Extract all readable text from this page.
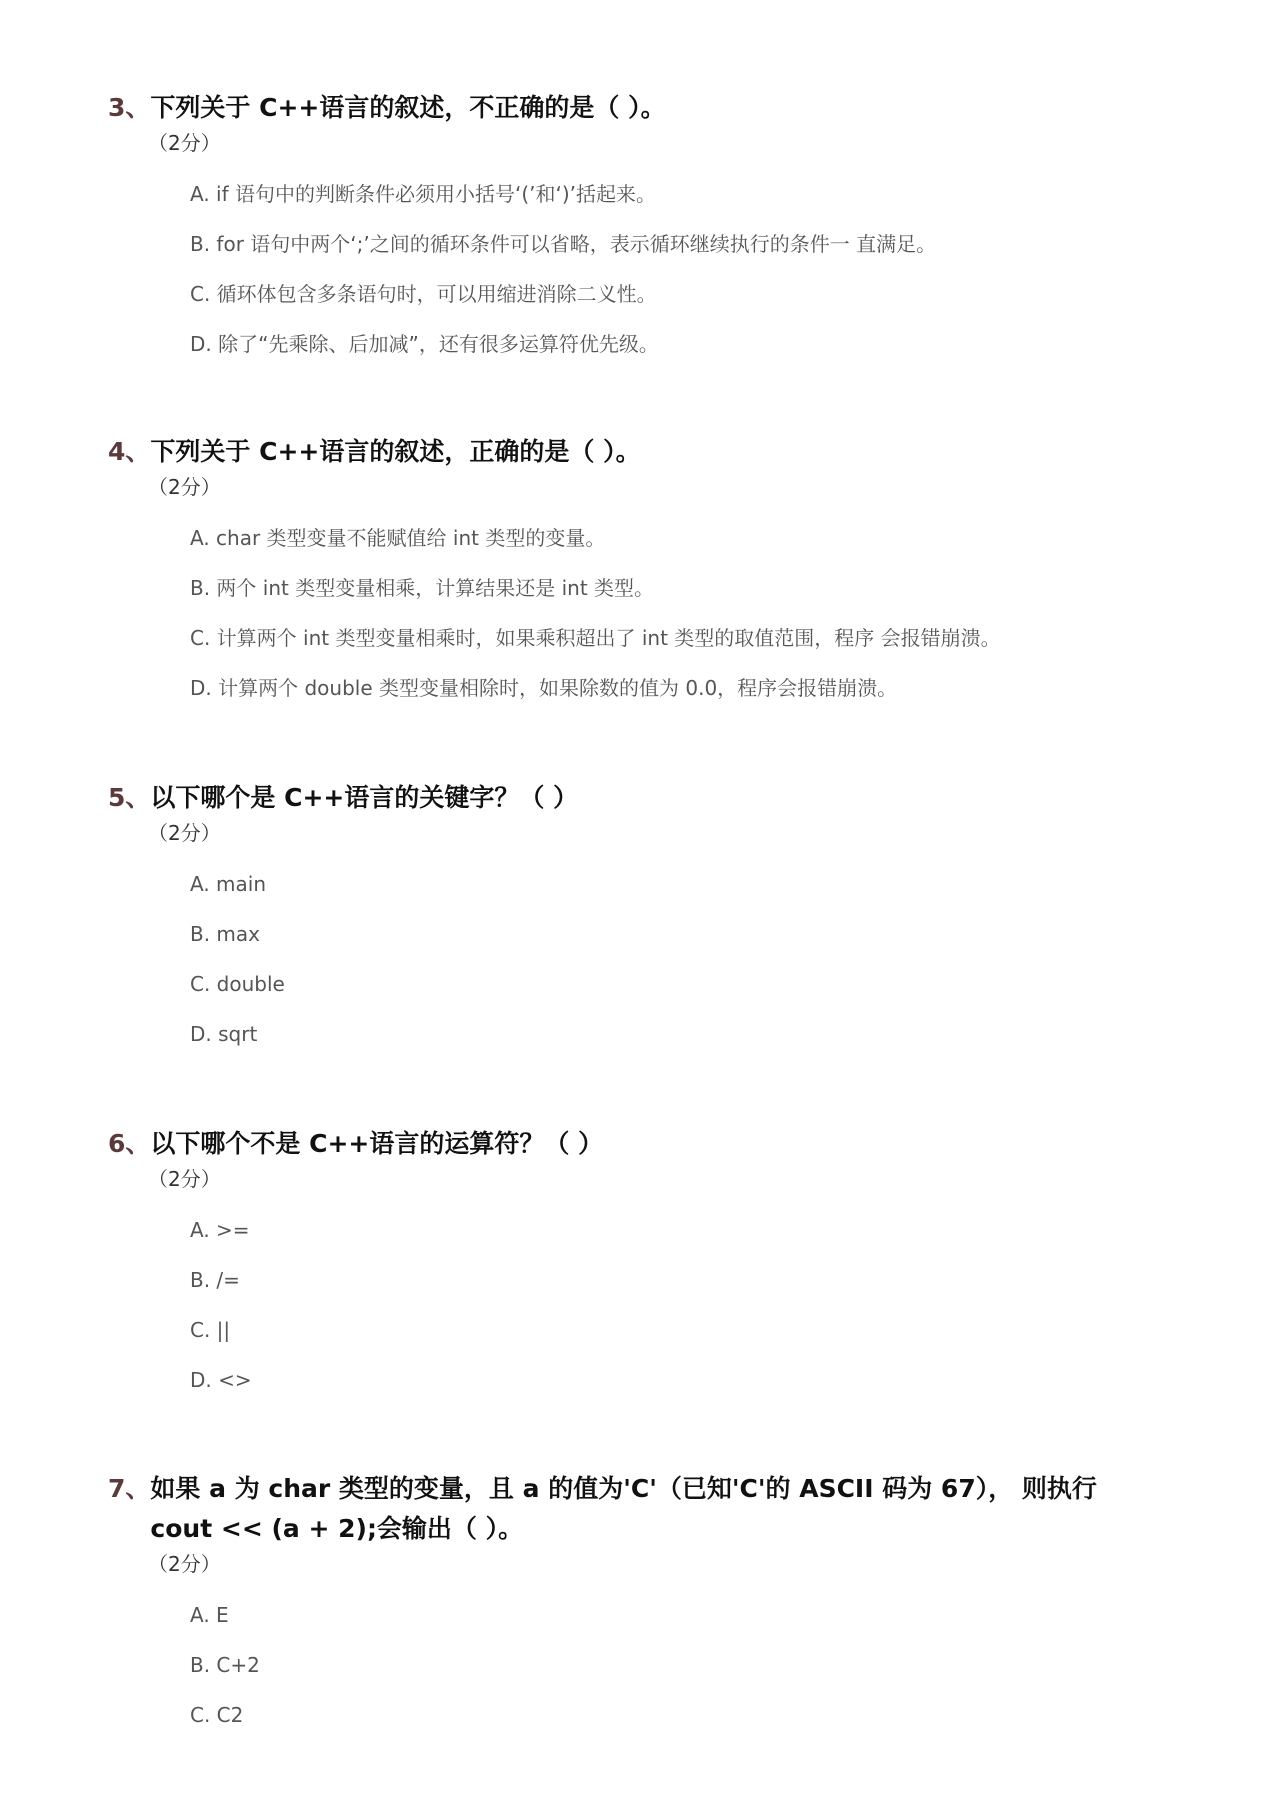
3 、 下列关于 C++语言的叙述，不正确的是（ ）。
（2分）
A. if 语句中的判断条件必须用小括号‘(’和‘)’括起来。
B. for 语句中两个‘;’之间的循环条件可以省略，表示循环继续执行的条件一 直满足。
C. 循环体包含多条语句时，可以用缩进消除二义性。
D. 除了“先乘除、后加减”，还有很多运算符优先级。
4 、 下列关于 C++语言的叙述，正确的是（ ）。
（2分）
A. char 类型变量不能赋值给 int 类型的变量。
B. 两个 int 类型变量相乘，计算结果还是 int 类型。
C. 计算两个 int 类型变量相乘时，如果乘积超出了 int 类型的取值范围，程序 会报错崩溃。
D. 计算两个 double 类型变量相除时，如果除数的值为 0.0，程序会报错崩溃。
5 、 以下哪个是 C++语言的关键字？（ ）
（2分）
A. main
B. max
C. double
D. sqrt
6 、 以下哪个不是 C++语言的运算符？（ ）
（2分）
A. >=
B. /=
C. ||
D. <>
7 、 如果 a 为 char 类型的变量，且 a 的值为'C'（已知'C'的 ASCII 码为 67）， 则执行 cout << (a + 2);会输出（ ）。
（2分）
A. E
B. C+2
C. C2
